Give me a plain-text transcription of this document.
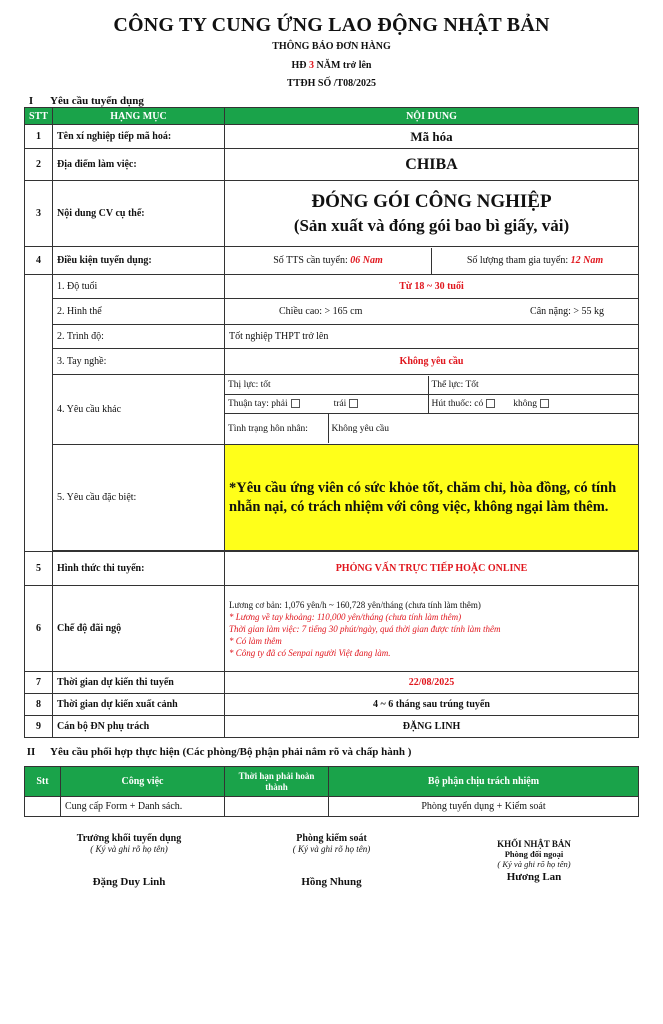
CÔNG TY CUNG ỨNG LAO ĐỘNG NHẬT BẢN
THÔNG BÁO ĐƠN HÀNG
HĐ 3 NĂM trở lên
TTĐH SỐ /T08/2025
I	Yêu cầu tuyển dụng
STT	HẠNG MỤC	NỘI DUNG
1	Tên xí nghiệp tiếp mã hoá:	Mã hóa
2	Địa điểm làm việc:	CHIBA
3	Nội dung CV cụ thể:	
ĐÓNG GÓI CÔNG NGHIỆP
(Sản xuất và đóng gói bao bì giấy, vải)

4	Điều kiện tuyển dụng:	Số TTS cần tuyển: 06 Nam	Số lượng tham gia tuyển: 12 Nam

	1. Độ tuổi	Từ 18 ~ 30 tuổi
2. Hình thể	Chiều cao: > 165 cm	Cân nặng: > 55 kg

2. Trình độ:	Tốt nghiệp THPT trở lên
3. Tay nghề:	Không yêu cầu
4. Yêu cầu khác	
Thị lực: tốt	Thể lực: Tốt
Thuận tay: phải	trái	Hút thuốc: có	không
Tình trạng hôn nhân:	Không yêu cầu

5. Yêu cầu đặc biệt:	*Yêu cầu ứng viên có sức khỏe tốt, chăm chỉ, hòa đồng, có tính nhẫn nại, có trách nhiệm với công việc, không ngại làm thêm.

5	Hình thức thi tuyển:	PHỎNG VẤN TRỰC TIẾP HOẶC ONLINE
6	Chế độ đãi ngộ	
Lương cơ bản: 1,076 yên/h ~ 160,728 yên/tháng (chưa tính làm thêm)
* Lương về tay khoảng: 110,000 yên/tháng (chưa tính làm thêm)
Thời gian làm việc: 7 tiếng 30 phút/ngày, quá thời gian được tính làm thêm
* Có làm thêm
* Công ty đã có Senpai người Việt đang làm.

7	Thời gian dự kiến thi tuyển	22/08/2025
8	Thời gian dự kiến xuất cảnh	4 ~ 6 tháng sau trúng tuyển
9	Cán bộ ĐN phụ trách	ĐẶNG LINH
II Yêu cầu phối hợp thực hiện (Các phòng/Bộ phận phải nắm rõ và chấp hành )
Stt	Công việc	Thời hạn phải hoàn thành	Bộ phận chịu trách nhiệm
	Cung cấp Form + Danh sách.		Phòng tuyển dụng + Kiểm soát
Trưởng khối tuyển dụng
( Ký và ghi rõ họ tên)
Đặng Duy Linh
Phòng kiểm soát
( Ký và ghi rõ họ tên)
Hồng Nhung
KHỐI NHẬT BẢN
Phòng đối ngoại
( Ký và ghi rõ họ tên)
Hương Lan
